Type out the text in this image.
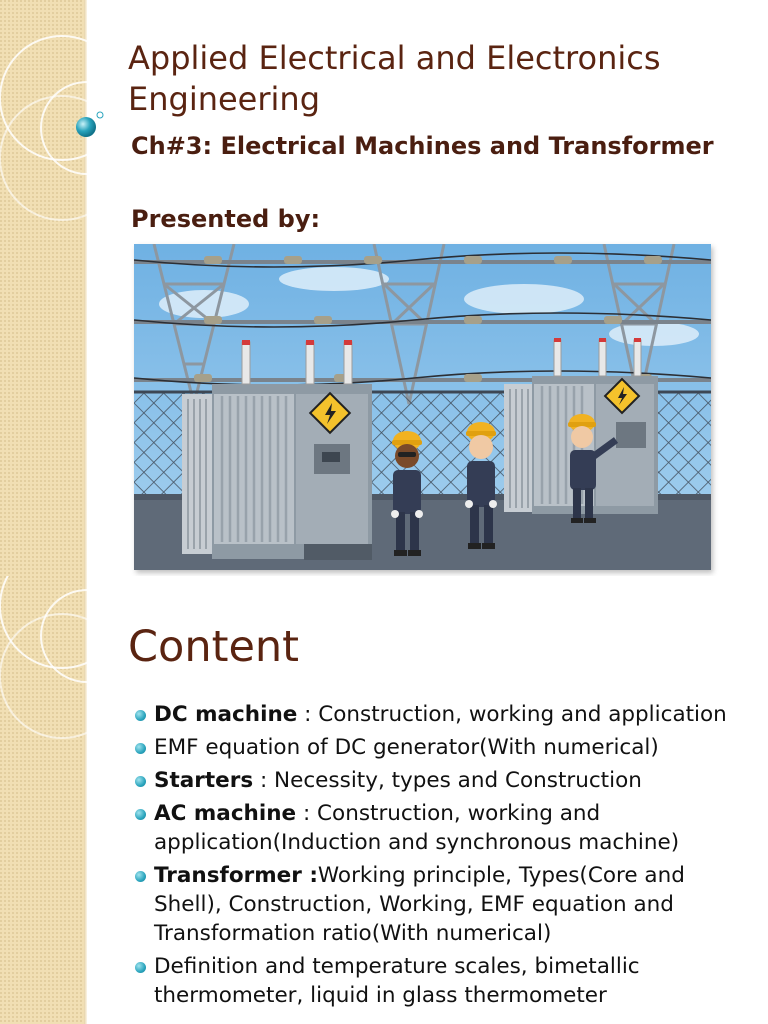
Applied Electrical and Electronics Engineering
Ch#3: Electrical Machines and Transformer
Presented by:
Content
DC machine : Construction, working and application
EMF equation of DC generator(With numerical)
Starters : Necessity, types and Construction
AC machine : Construction, working and application(Induction and synchronous machine)
Transformer :Working principle, Types(Core and Shell), Construction, Working, EMF equation and Transformation ratio(With numerical)
Definition and temperature scales, bimetallic thermometer, liquid in glass thermometer
